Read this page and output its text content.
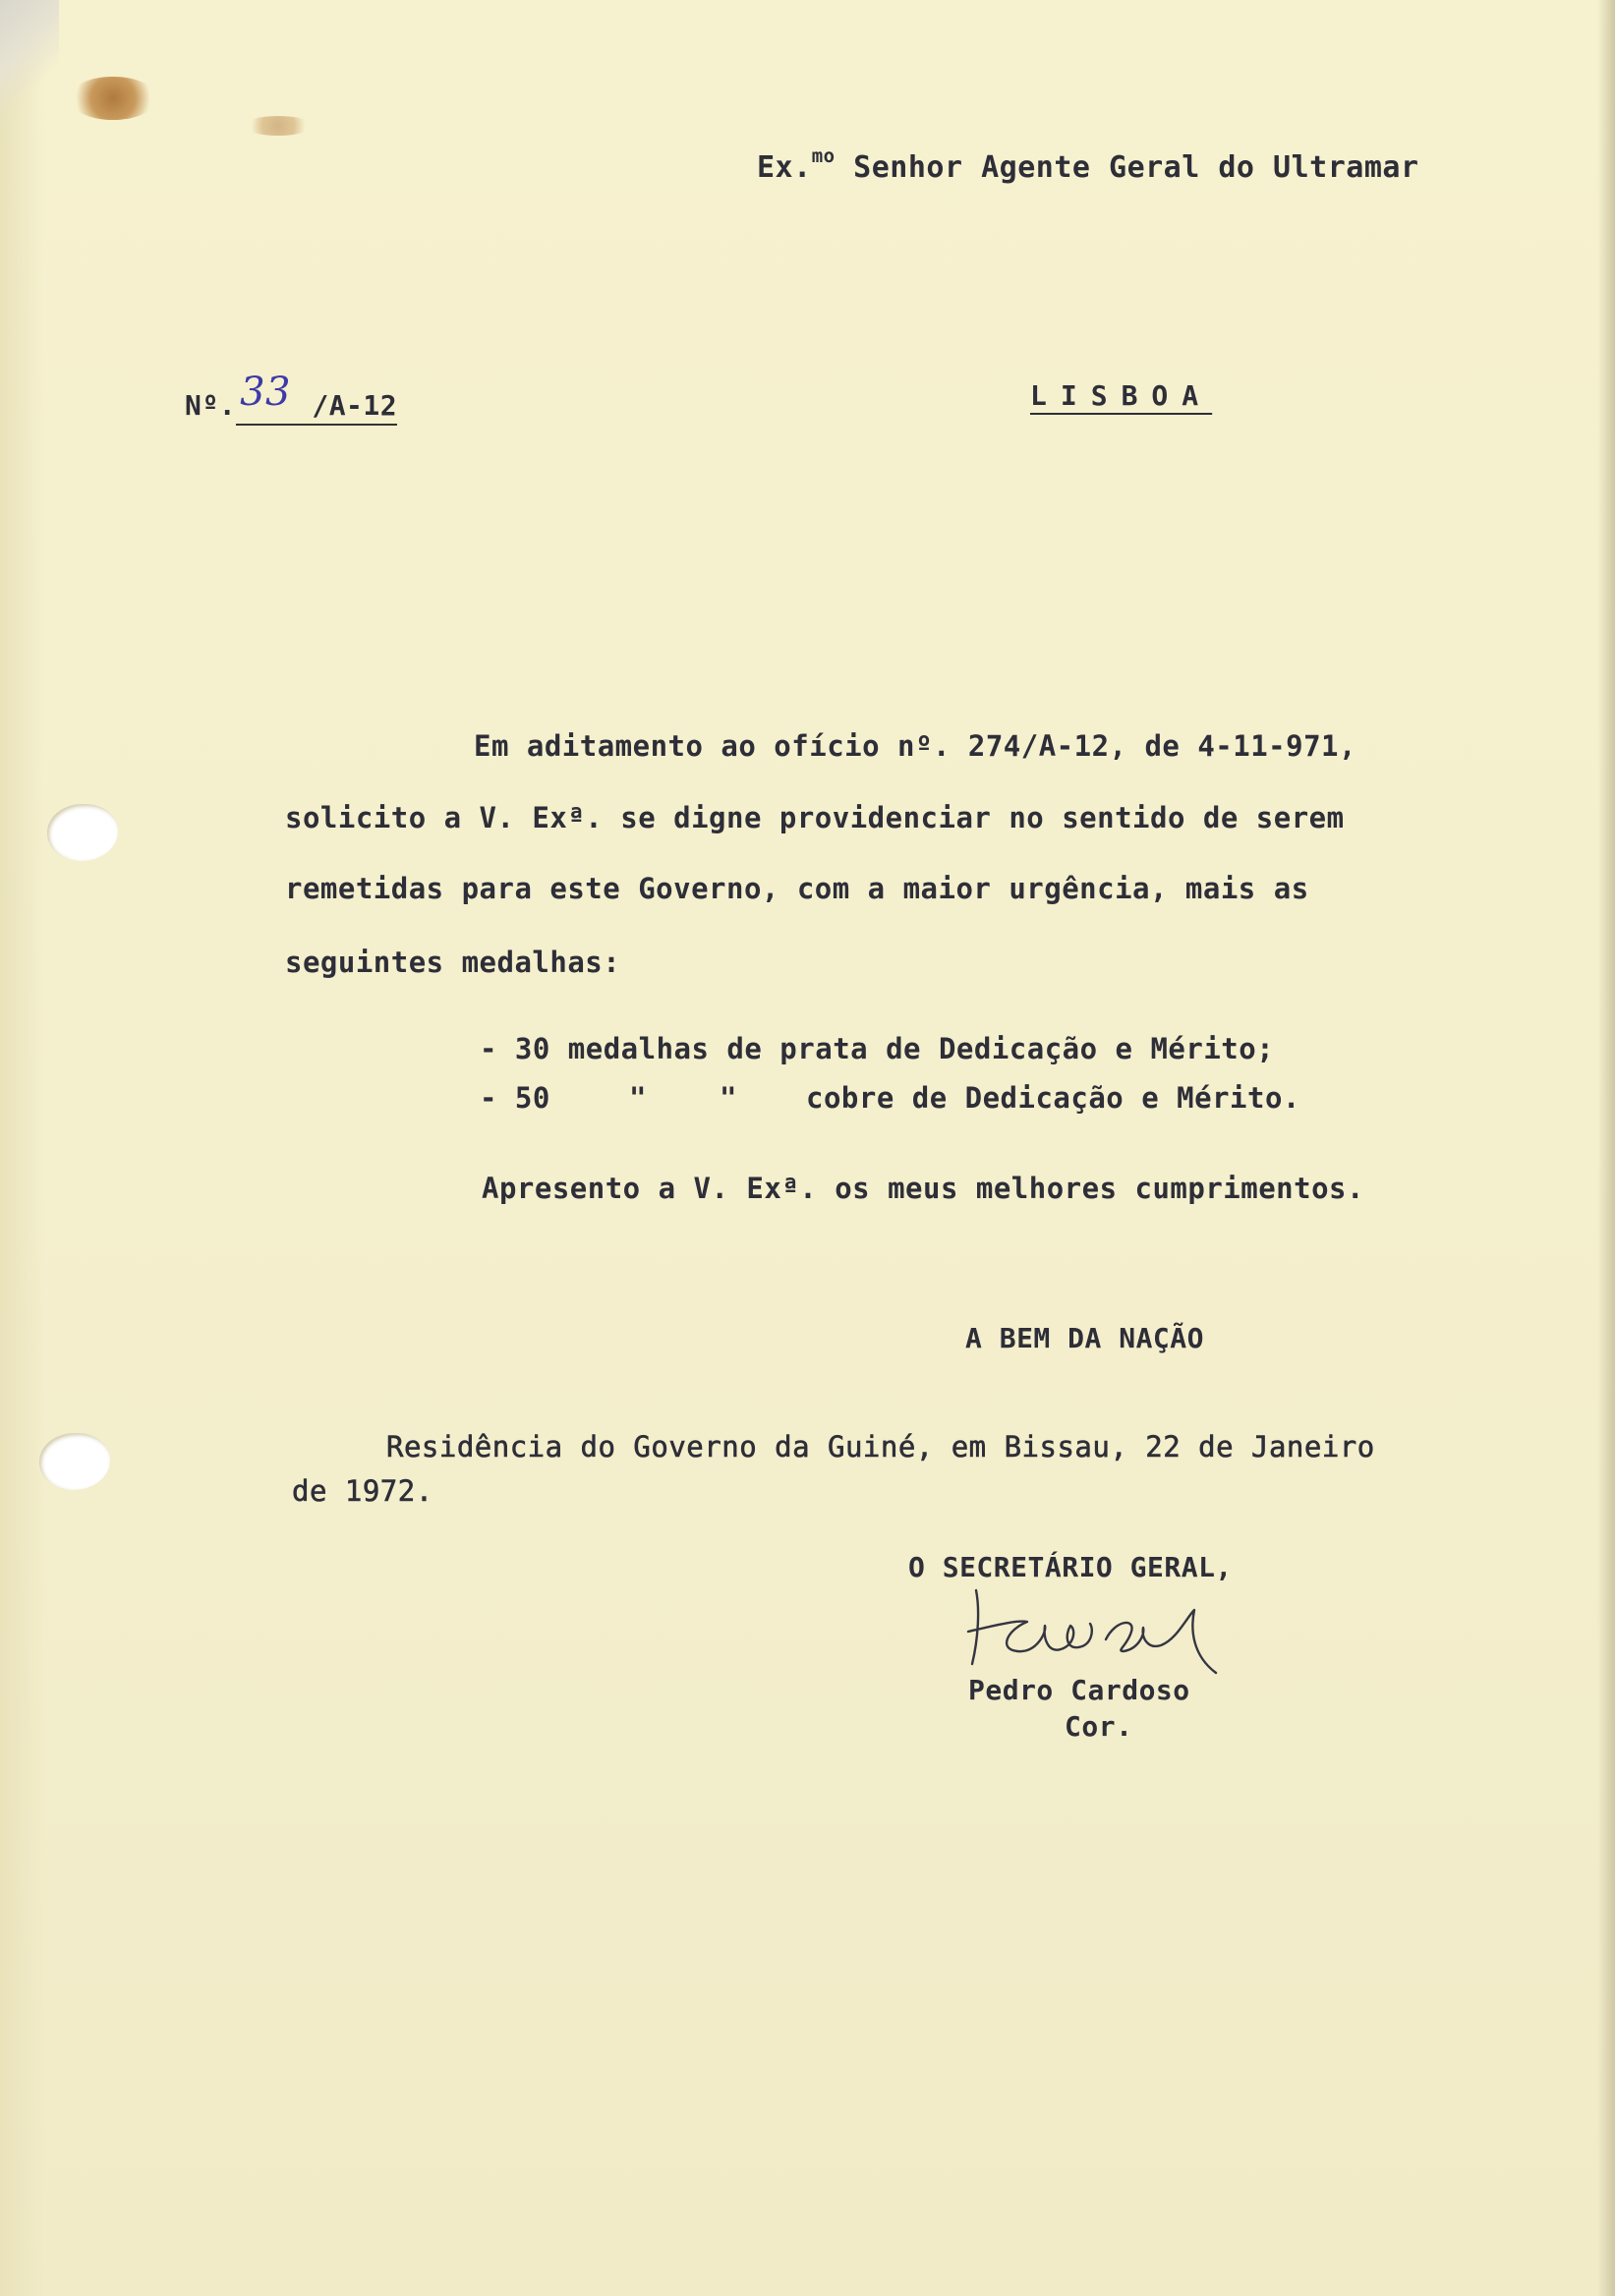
Ex.$^{mo}$ Senhor Agente Geral do Ultramar
Nº. 33 /A-12	LISBOA
Em aditamento ao ofício nº. 274/A-12, de 4-11-971,
solicito a V. Exª. se digne providenciar no sentido de serem
remetidas para este Governo, com a maior urgência, mais as
seguintes medalhas:
- 30 medalhas de prata de Dedicação e Mérito;
- 50	"	" cobre de Dedicação e Mérito.
Apresento a V. Exª. os meus melhores cumprimentos.
A BEM DA NAÇÃO
Residência do Governo da Guiné, em Bissau, 22 de Janeiro
de 1972.
O SECRETÁRIO GERAL,
Pedro Cardoso
Cor.
